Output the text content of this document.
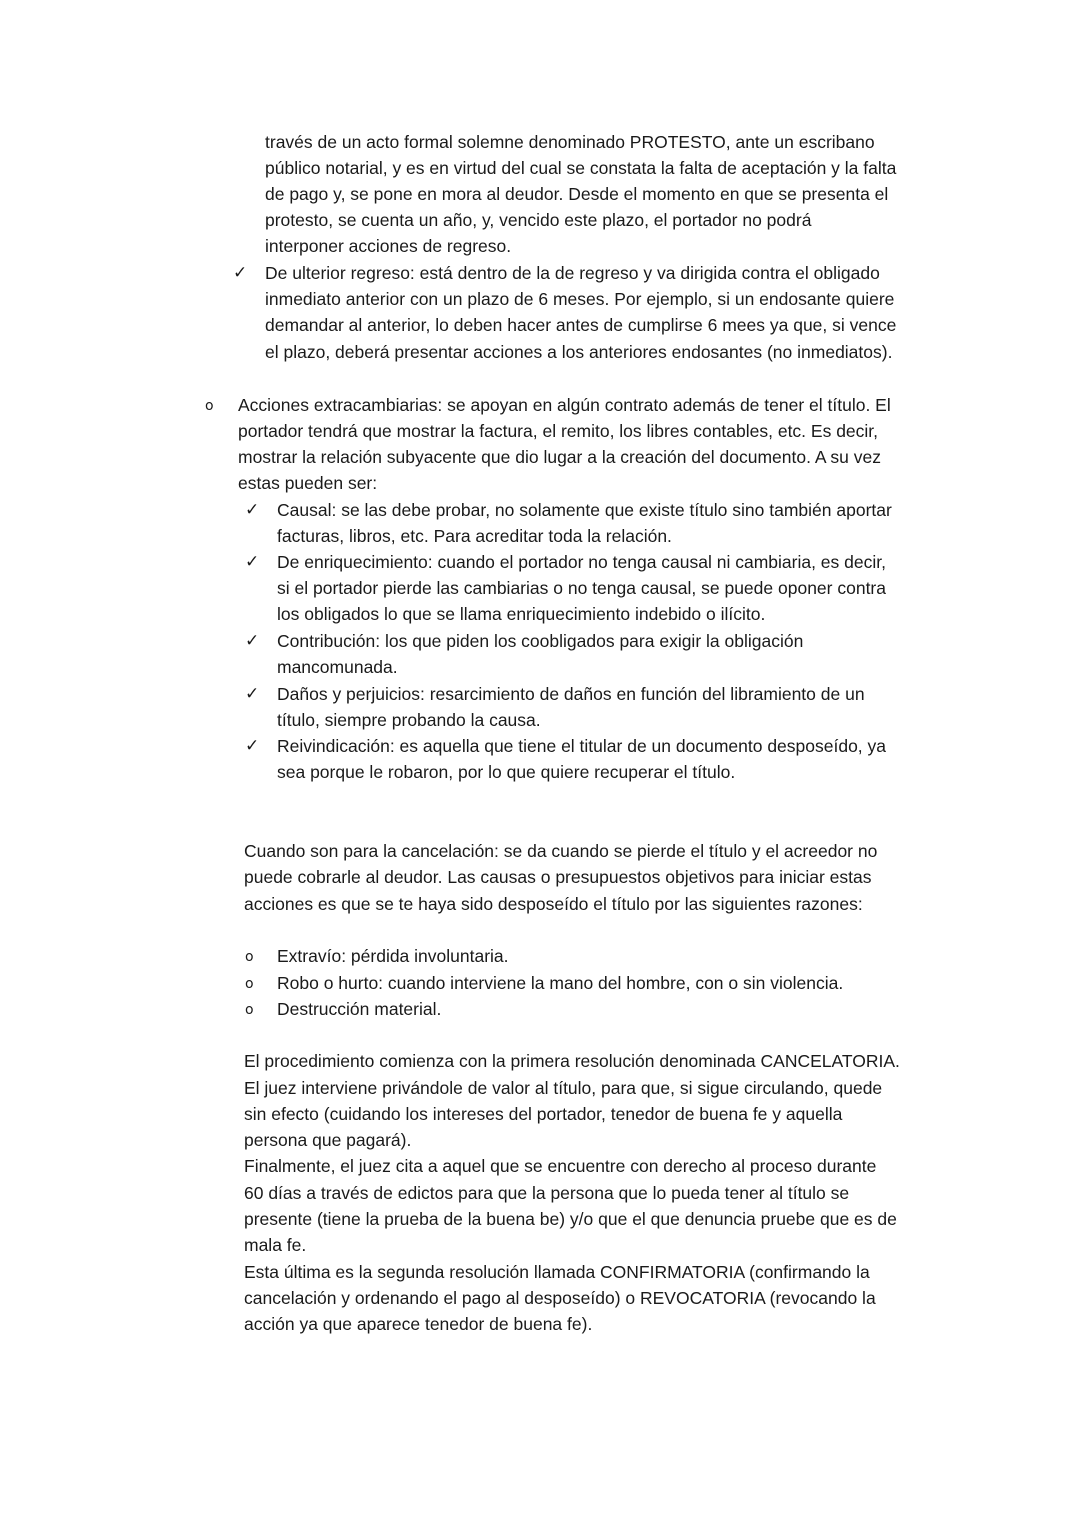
través de un acto formal solemne denominado PROTESTO, ante un escribano
público notarial, y es en virtud del cual se constata la falta de aceptación y la falta
de pago y, se pone en mora al deudor. Desde el momento en que se presenta el
protesto, se cuenta un año, y, vencido este plazo, el portador no podrá
interponer acciones de regreso.
✓ De ulterior regreso: está dentro de la de regreso y va dirigida contra el obligado
inmediato anterior con un plazo de 6 meses. Por ejemplo, si un endosante quiere
demandar al anterior, lo deben hacer antes de cumplirse 6 mees ya que, si vence
el plazo, deberá presentar acciones a los anteriores endosantes (no inmediatos).
o Acciones extracambiarias: se apoyan en algún contrato además de tener el título. El
portador tendrá que mostrar la factura, el remito, los libres contables, etc. Es decir,
mostrar la relación subyacente que dio lugar a la creación del documento. A su vez
estas pueden ser:
✓ Causal: se las debe probar, no solamente que existe título sino también aportar
facturas, libros, etc. Para acreditar toda la relación.
✓ De enriquecimiento: cuando el portador no tenga causal ni cambiaria, es decir,
si el portador pierde las cambiarias o no tenga causal, se puede oponer contra
los obligados lo que se llama enriquecimiento indebido o ilícito.
✓ Contribución: los que piden los coobligados para exigir la obligación
mancomunada.
✓ Daños y perjuicios: resarcimiento de daños en función del libramiento de un
título, siempre probando la causa.
✓ Reivindicación: es aquella que tiene el titular de un documento desposeído, ya
sea porque le robaron, por lo que quiere recuperar el título.
Cuando son para la cancelación: se da cuando se pierde el título y el acreedor no
puede cobrarle al deudor. Las causas o presupuestos objetivos para iniciar estas
acciones es que se te haya sido desposeído el título por las siguientes razones:
o Extravío: pérdida involuntaria.
o Robo o hurto: cuando interviene la mano del hombre, con o sin violencia.
o Destrucción material.
El procedimiento comienza con la primera resolución denominada CANCELATORIA.
El juez interviene privándole de valor al título, para que, si sigue circulando, quede
sin efecto (cuidando los intereses del portador, tenedor de buena fe y aquella
persona que pagará).
Finalmente, el juez cita a aquel que se encuentre con derecho al proceso durante
60 días a través de edictos para que la persona que lo pueda tener al título se
presente (tiene la prueba de la buena be) y/o que el que denuncia pruebe que es de
mala fe.
Esta última es la segunda resolución llamada CONFIRMATORIA (confirmando la
cancelación y ordenando el pago al desposeído) o REVOCATORIA (revocando la
acción ya que aparece tenedor de buena fe).
